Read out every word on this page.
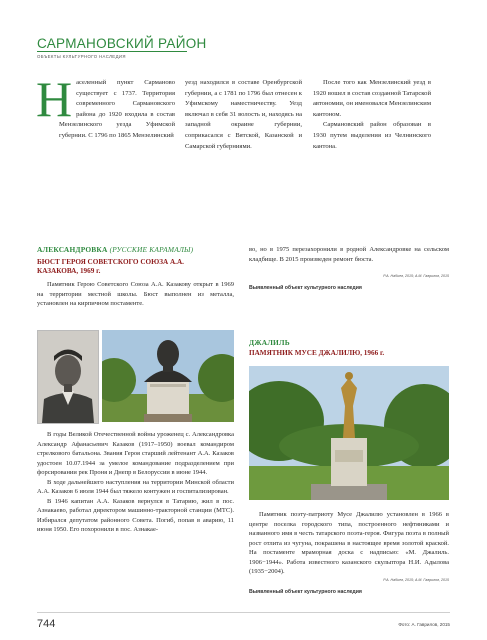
САРМАНОВСКИЙ РАЙОН
ОБЪЕКТЫ КУЛЬТУРНОГО НАСЛЕДИЯ
Н аселенный пункт Сарманово существует с 1737. Территория современного Сармановского района до 1920 входила в состав Мензелинского уезда Уфимской губернии. С 1796 по 1865 Мензелинский
уезд находился в составе Оренбургской губернии, а с 1781 по 1796 был отнесен к Уфимскому наместничеству. Уезд включал в себя 31 волость и, находясь на западной окраине губернии, соприкасался с Вятской, Казанской и Самарской губерниями.

После того как Мензелинский уезд в 1920 вошел в состав созданной Татарской автономии, он именовался Мензелинским кантоном.

Сармановский район образован в 1930 путем выделения из Челнинского кантона.

АЛЕКСАНДРОВКА (РУССКИЕ КАРАМАЛЫ)
БЮСТ ГЕРОЯ СОВЕТСКОГО СОЮЗА А.А. КАЗАКОВА, 1969 г.

Памятник Герою Советского Союза А.А. Казакову открыт в 1969 на территории местной школы. Бюст выполнен из металла, установлен на кирпичном постаменте.

В годы Великой Отечественной войны уроженец с. Александровка Александр Афанасьевич Казаков (1917–1950) воевал командиром стрелкового батальона. Звания Героя старший лейтенант А.А. Казаков удостоен 10.07.1944 за умелое командование подразделением при форсировании рек Проня и Днепр в Белоруссии в июне 1944.

В ходе дальнейшего наступления на территории Минской области А.А. Казаков 6 июля 1944 был тяжело контужен и госпитализирован.

В 1946 капитан А.А. Казаков вернулся в Татарию, жил в пос. Азнакаево, работал директором машинно-тракторной станции (МТС). Избирался депутатом районного Совета. Погиб, попав в аварию, 11 июня 1950. Его похоронили в пос. Азнакае-

во, но в 1975 перезахоронили в родной Александровке на сельском кладбище. В 2015 произведен ремонт бюста.

Р.А. Набиев, 2015; А.М. Гаврилов, 2015
Выявленный объект культурного наследия
ДЖАЛИЛЬ
ПАМЯТНИК МУСЕ ДЖАЛИЛЮ, 1966 г.

Памятник поэту-патриоту Мусе Джалилю установлен в 1966 в центре поселка городского типа, построенного нефтяниками и названного имя в честь татарского поэта-героя. Фигура поэта в полный рост отлита из чугуна, покрашена в настоящее время золотой краской. На постаменте мраморная доска с надписью: «М. Джалиль. 1906−1944». Работа известного казанского скульптора Н.И. Адылова (1935−2004).

Р.А. Набиев, 2015; А.М. Гаврилов, 2015
Выявленный объект культурного наследия
744	Фото: А. Гаврилов, 2015
